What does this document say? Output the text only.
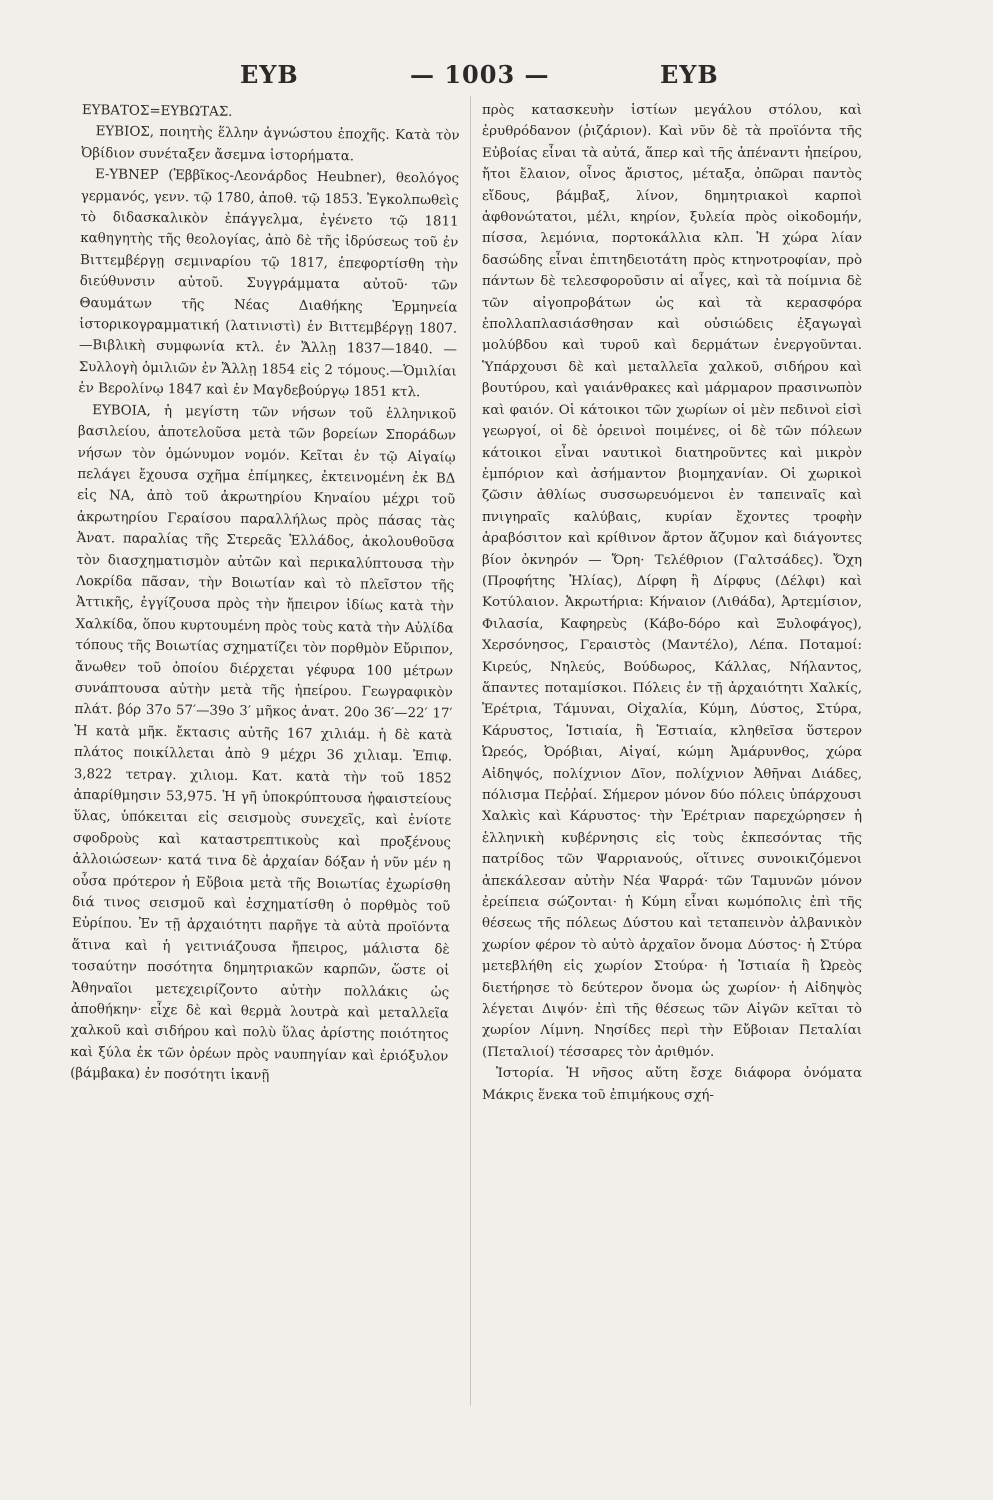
ΕΥΒ	— 1003 —	ΕΥΒ

ΕΥΒΑΤΟΣ=ΕΥΒΩΤΑΣ.

ΕΥΒΙΟΣ, ποιητὴς ἕλλην ἀγνώστου ἐποχῆς. Κατὰ τὸν Ὀβίδιον συνέταξεν ἄσεμνα ἱστορήματα.

Ε-ΥΒΝΕΡ (Ἑββῖκος-Λεονάρδος Heubner), θεολόγος γερμανός, γενν. τῷ 1780, ἀποθ. τῷ 1853. Ἐγκολπωθεὶς τὸ διδασκαλικὸν ἐπάγγελμα, ἐγένετο τῷ 1811 καθηγητὴς τῆς θεολογίας, ἀπὸ δὲ τῆς ἱδρύσεως τοῦ ἐν Βιττεμβέργῃ σεμιναρίου τῷ 1817, ἐπεφορτίσθη τὴν διεύθυνσιν αὐτοῦ. Συγγράμματα αὐτοῦ· τῶν Θαυμάτων τῆς Νέας Διαθήκης Ἑρμηνεία ἱστορικογραμματική (λατινιστὶ) ἐν Βιττεμβέργῃ 1807.—Βιβλικὴ συμφωνία κτλ. ἐν Ἄλλῃ 1837—1840. — Συλλογὴ ὁμιλιῶν ἐν Ἄλλῃ 1854 εἰς 2 τόμους.—Ὁμιλίαι ἐν Βερολίνῳ 1847 καὶ ἐν Μαγδεβούργῳ 1851 κτλ.

ΕΥΒΟΙΑ, ἡ μεγίστη τῶν νήσων τοῦ ἑλληνικοῦ βασιλείου, ἀποτελοῦσα μετὰ τῶν βορείων Σποράδων νήσων τὸν ὁμώνυμον νομόν. Κεῖται ἐν τῷ Αἰγαίῳ πελάγει ἔχουσα σχῆμα ἐπίμηκες, ἐκτεινομένη ἐκ ΒΔ εἰς ΝΑ, ἀπὸ τοῦ ἀκρωτηρίου Κηναίου μέχρι τοῦ ἀκρωτηρίου Γεραίσου παραλλήλως πρὸς πάσας τὰς Ἀνατ. παραλίας τῆς Στερεᾶς Ἑλλάδος, ἀκολουθοῦσα τὸν διασχηματισμὸν αὐτῶν καὶ περικαλύπτουσα τὴν Λοκρίδα πᾶσαν, τὴν Βοιωτίαν καὶ τὸ πλεῖστον τῆς Ἀττικῆς, ἐγγίζουσα πρὸς τὴν ἤπειρον ἰδίως κατὰ τὴν Χαλκίδα, ὅπου κυρτουμένη πρὸς τοὺς κατὰ τὴν Αὐλίδα τόπους τῆς Βοιωτίας σχηματίζει τὸν πορθμὸν Εὔριπον, ἄνωθεν τοῦ ὁποίου διέρχεται γέφυρα 100 μέτρων συνάπτουσα αὐτὴν μετὰ τῆς ἠπείρου. Γεωγραφικὸν πλάτ. βόρ 37ο 57′—39ο 3′ μῆκος ἀνατ. 20ο 36′—22′ 17′ Ἡ κατὰ μῆκ. ἔκτασις αὐτῆς 167 χιλιάμ. ἡ δὲ κατὰ πλάτος ποικίλλεται ἀπὸ 9 μέχρι 36 χιλιαμ. Ἐπιφ. 3,822 τετραγ. χιλιομ. Κατ. κατὰ τὴν τοῦ 1852 ἀπαρίθμησιν 53,975. Ἡ γῆ ὑποκρύπτουσα ἡφαιστείους ὕλας, ὑπόκειται εἰς σεισμοὺς συνεχεῖς, καὶ ἐνίοτε σφοδροὺς καὶ καταστρεπτικοὺς καὶ προξένους ἀλλοιώσεων· κατά τινα δὲ ἀρχαίαν δόξαν ἡ νῦν μέν η οὖσα πρότερον ἡ Εὔβοια μετὰ τῆς Βοιωτίας ἐχωρίσθη διά τινος σεισμοῦ καὶ ἐσχηματίσθη ὁ πορθμὸς τοῦ Εὐρίπου. Ἐν τῇ ἀρχαιότητι παρῆγε τὰ αὐτὰ προϊόντα ἅτινα καὶ ἡ γειτνιάζουσα ἤπειρος, μάλιστα δὲ τοσαύτην ποσότητα δημητριακῶν καρπῶν, ὥστε οἱ Ἀθηναῖοι μετεχειρίζοντο αὐτὴν πολλάκις ὡς ἀποθήκην· εἶχε δὲ καὶ θερμὰ λουτρὰ καὶ μεταλλεῖα χαλκοῦ καὶ σιδήρου καὶ πολὺ ὕλας ἀρίστης ποιότητος καὶ ξύλα ἐκ τῶν ὀρέων πρὸς ναυπηγίαν καὶ ἐριόξυλον (βάμβακα) ἐν ποσότητι ἱκανῇ

πρὸς κατασκευὴν ἱστίων μεγάλου στόλου, καὶ ἐρυθρόδανον (ῥιζάριον). Καὶ νῦν δὲ τὰ προϊόντα τῆς Εὐβοίας εἶναι τὰ αὐτά, ἅπερ καὶ τῆς ἀπέναντι ἠπείρου, ἤτοι ἔλαιον, οἶνος ἄριστος, μέταξα, ὀπῶραι παντὸς εἴδους, βάμβαξ, λίνον, δημητριακοὶ καρποὶ ἀφθονώτατοι, μέλι, κηρίον, ξυλεία πρὸς οἰκοδομήν, πίσσα, λεμόνια, πορτοκάλλια κλπ. Ἡ χώρα λίαν δασώδης εἶναι ἐπιτηδειοτάτη πρὸς κτηνοτροφίαν, πρὸ πάντων δὲ τελεσφοροῦσιν αἱ αἶγες, καὶ τὰ ποίμνια δὲ τῶν αἰγοπροβάτων ὡς καὶ τὰ κερασφόρα ἐπολλαπλασιάσθησαν καὶ οὐσιώδεις ἐξαγωγαὶ μολύβδου καὶ τυροῦ καὶ δερμάτων ἐνεργοῦνται. Ὑπάρχουσι δὲ καὶ μεταλλεῖα χαλκοῦ, σιδήρου καὶ βουτύρου, καὶ γαιάνθρακες καὶ μάρμαρον πρασινωπὸν καὶ φαιόν. Οἱ κάτοικοι τῶν χωρίων οἱ μὲν πεδινοὶ εἰσὶ γεωργοί, οἱ δὲ ὀρεινοὶ ποιμένες, οἱ δὲ τῶν πόλεων κάτοικοι εἶναι ναυτικοὶ διατηροῦντες καὶ μικρὸν ἐμπόριον καὶ ἀσήμαντον βιομηχανίαν. Οἱ χωρικοὶ ζῶσιν ἀθλίως συσσωρευόμενοι ἐν ταπειναῖς καὶ πνιγηραῖς καλύβαις, κυρίαν ἔχοντες τροφὴν ἀραβόσιτον καὶ κρίθινον ἄρτον ἄζυμον καὶ διάγοντες βίον ὀκνηρόν — Ὄρη· Τελέθριον (Γαλτσάδες). Ὄχη (Προφήτης Ἠλίας), Δίρφη ἢ Δίρφυς (Δέλφι) καὶ Κοτύλαιον. Ἀκρωτήρια: Κήναιον (Λιθάδα), Ἀρτεμίσιον, Φιλασία, Καφηρεὺς (Κάβο-δόρο καὶ Ξυλοφάγος), Χερσόνησος, Γεραιστὸς (Μαντέλο), Λέπα. Ποταμοί: Κιρεύς, Νηλεύς, Βούδωρος, Κάλλας, Νήλαντος, ἅπαντες ποταμίσκοι. Πόλεις ἐν τῇ ἀρχαιότητι Χαλκίς, Ἐρέτρια, Τάμυναι, Οἰχαλία, Κύμη, Δύστος, Στύρα, Κάρυστος, Ἱστιαία, ἢ Ἑστιαία, κληθεῖσα ὕστερον Ὠρεός, Ὀρόβιαι, Αἰγαί, κώμη Ἀμάρυνθος, χώρα Αἰδηψός, πολίχνιον Δῖον, πολίχνιον Ἀθῆναι Διάδες, πόλισμα Πεῤῥαί. Σήμερον μόνον δύο πόλεις ὑπάρχουσι Χαλκὶς καὶ Κάρυστος· τὴν Ἐρέτριαν παρεχώρησεν ἡ ἑλληνικὴ κυβέρνησις εἰς τοὺς ἐκπεσόντας τῆς πατρίδος τῶν Ψαρριανούς, οἵτινες συνοικιζόμενοι ἀπεκάλεσαν αὐτὴν Νέα Ψαρρά· τῶν Ταμυνῶν μόνον ἐρείπεια σώζονται· ἡ Κύμη εἶναι κωμόπολις ἐπὶ τῆς θέσεως τῆς πόλεως Δύστου καὶ τεταπεινὸν ἀλβανικὸν χωρίον φέρον τὸ αὐτὸ ἀρχαῖον ὄνομα Δύστος· ἡ Στύρα μετεβλήθη εἰς χωρίον Στούρα· ἡ Ἱστιαία ἢ Ὠρεὸς διετήρησε τὸ δεύτερον ὄνομα ὡς χωρίον· ἡ Αἰδηψὸς λέγεται Διψόν· ἐπὶ τῆς θέσεως τῶν Αἰγῶν κεῖται τὸ χωρίον Λίμνη. Νησίδες περὶ τὴν Εὔβοιαν Πεταλίαι (Πεταλιοί) τέσσαρες τὸν ἀριθμόν.

Ἱστορία. Ἡ νῆσος αὕτη ἔσχε διάφορα ὀνόματα Μάκρις ἕνεκα τοῦ ἐπιμήκους σχή-
